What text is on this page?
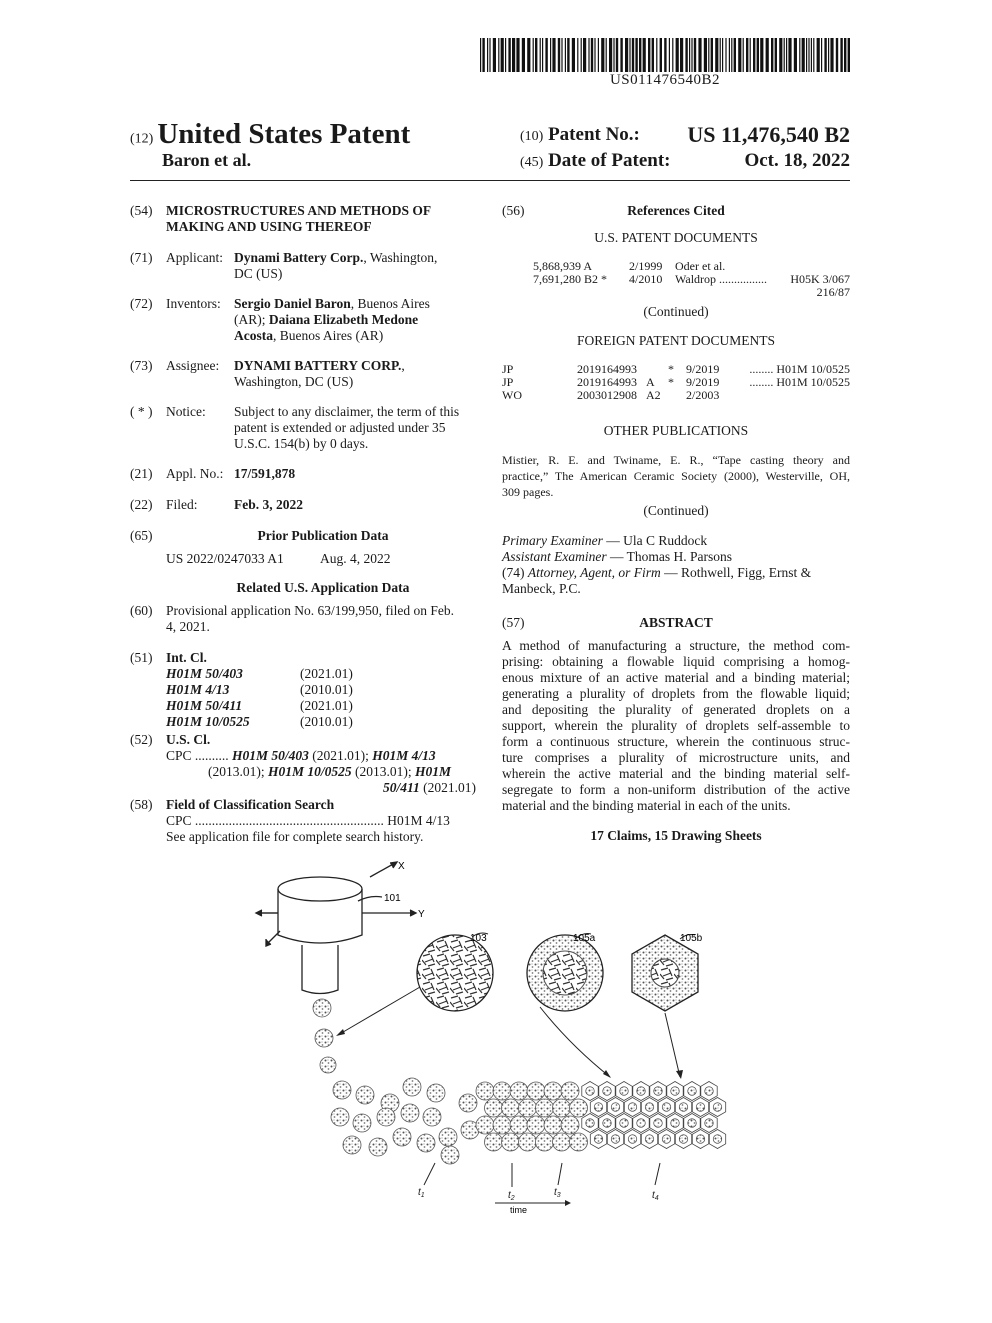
US011476540B2
(12) United States Patent
Baron et al.
(10) Patent No.: US 11,476,540 B2
(45) Date of Patent:	Oct. 18, 2022
(54) MICROSTRUCTURES AND METHODS OF
MAKING AND USING THEREOF
(71) Applicant: Dynami Battery Corp., Washington,
DC (US)
(72) Inventors: Sergio Daniel Baron, Buenos Aires
(AR); Daiana Elizabeth Medone
Acosta, Buenos Aires (AR)
(73) Assignee: DYNAMI BATTERY CORP.,
Washington, DC (US)
( * ) Notice: Subject to any disclaimer, the term of this
patent is extended or adjusted under 35
U.S.C. 154(b) by 0 days.
(21) Appl. No.: 17/591,878
(22) Filed:	Feb. 3, 2022
(65)	Prior Publication Data
US 2022/0247033 A1	Aug. 4, 2022
Related U.S. Application Data
(60) Provisional application No. 63/199,950, filed on Feb.
4, 2021.
(51) Int. Cl.
H01M 50/403	(2021.01)
H01M 4/13	(2010.01)
H01M 50/411	(2021.01)
H01M 10/0525	(2010.01)
(52) U.S. Cl.
CPC .......... H01M 50/403 (2021.01); H01M 4/13
(2013.01); H01M 10/0525 (2013.01); H01M
50/411 (2021.01)
(58) Field of Classification Search
CPC ........................................................ H01M 4/13
See application file for complete search history.
(56)	References Cited
U.S. PATENT DOCUMENTS
5,868,939 A	2/1999 Oder et al.
7,691,280 B2 * 4/2010 Waldrop ................ H05K 3/067
216/87
(Continued)
FOREIGN PATENT DOCUMENTS
JP	2019164993	* 9/2019 ........ H01M 10/0525
JP	2019164993 A * 9/2019 ........ H01M 10/0525
WO	2003012908 A2 2/2003
OTHER PUBLICATIONS
Mistier, R. E. and Twiname, E. R., “Tape casting theory and
practice,” The American Ceramic Society (2000), Westerville, OH,
309 pages.
(Continued)
Primary Examiner — Ula C Ruddock
Assistant Examiner — Thomas H. Parsons
(74) Attorney, Agent, or Firm — Rothwell, Figg, Ernst &
Manbeck, P.C.
(57)	ABSTRACT
A method of manufacturing a structure, the method com-
prising: obtaining a flowable liquid comprising a homog-
enous mixture of an active material and a binding material;
generating a plurality of droplets from the flowable liquid;
and depositing the plurality of generated droplets on a
support, wherein the plurality of droplets self-assemble to
form a continuous structure, wherein the continuous struc-
ture comprises a plurality of microstructure units, and
wherein the active material and the binding material self-
segregate to form a non-uniform distribution of the active
material and the binding material in each of the units.
17 Claims, 15 Drawing Sheets
X
Y
101
103	105a	105b
$t_1$	$t_2$
$t_3$	$t_4$
time
